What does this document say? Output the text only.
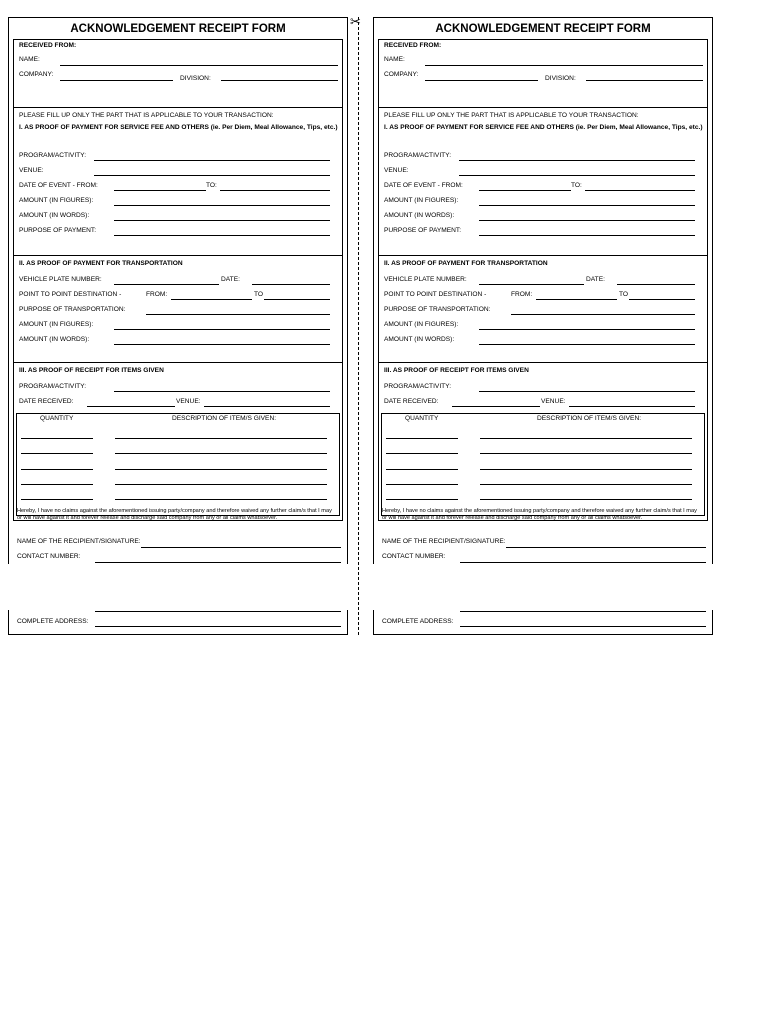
✂
ACKNOWLEDGEMENT RECEIPT FORM
RECEIVED FROM:
NAME:
COMPANY:
DIVISION:
PLEASE FILL UP ONLY THE PART THAT IS APPLICABLE TO YOUR TRANSACTION:
I. AS PROOF OF PAYMENT FOR SERVICE FEE AND OTHERS (ie. Per Diem, Meal Allowance, Tips, etc.)
PROGRAM/ACTIVITY:
VENUE:
DATE OF EVENT - FROM:	TO:
AMOUNT (IN FIGURES):
AMOUNT (IN WORDS):
PURPOSE OF PAYMENT:
II. AS PROOF OF PAYMENT FOR TRANSPORTATION
VEHICLE PLATE NUMBER:	DATE:
POINT TO POINT DESTINATION -	FROM:	TO
PURPOSE OF TRANSPORTATION:
AMOUNT (IN FIGURES):
AMOUNT (IN WORDS):
III. AS PROOF OF RECEIPT FOR ITEMS GIVEN
PROGRAM/ACTIVITY:
DATE RECEIVED:	VENUE:
QUANTITY	DESCRIPTION OF ITEM/S GIVEN:
Hereby, I have no claims against the aforementioned issuing party/company and therefore waived any further claim/s that I may or will have against it and forever release and discharge said company from any or all claims whatsoever.
NAME OF THE RECIPIENT/SIGNATURE:
CONTACT NUMBER:
COMPLETE ADDRESS:
ACKNOWLEDGEMENT RECEIPT FORM
RECEIVED FROM:
NAME:
COMPANY:
DIVISION:
PLEASE FILL UP ONLY THE PART THAT IS APPLICABLE TO YOUR TRANSACTION:
I. AS PROOF OF PAYMENT FOR SERVICE FEE AND OTHERS (ie. Per Diem, Meal Allowance, Tips, etc.)
PROGRAM/ACTIVITY:
VENUE:
DATE OF EVENT - FROM:	TO:
AMOUNT (IN FIGURES):
AMOUNT (IN WORDS):
PURPOSE OF PAYMENT:
II. AS PROOF OF PAYMENT FOR TRANSPORTATION
VEHICLE PLATE NUMBER:	DATE:
POINT TO POINT DESTINATION -	FROM:	TO
PURPOSE OF TRANSPORTATION:
AMOUNT (IN FIGURES):
AMOUNT (IN WORDS):
III. AS PROOF OF RECEIPT FOR ITEMS GIVEN
PROGRAM/ACTIVITY:
DATE RECEIVED:	VENUE:
QUANTITY	DESCRIPTION OF ITEM/S GIVEN:
Hereby, I have no claims against the aforementioned issuing party/company and therefore waived any further claim/s that I may or will have against it and forever release and discharge said company from any or all claims whatsoever.
NAME OF THE RECIPIENT/SIGNATURE:
CONTACT NUMBER:
COMPLETE ADDRESS:
